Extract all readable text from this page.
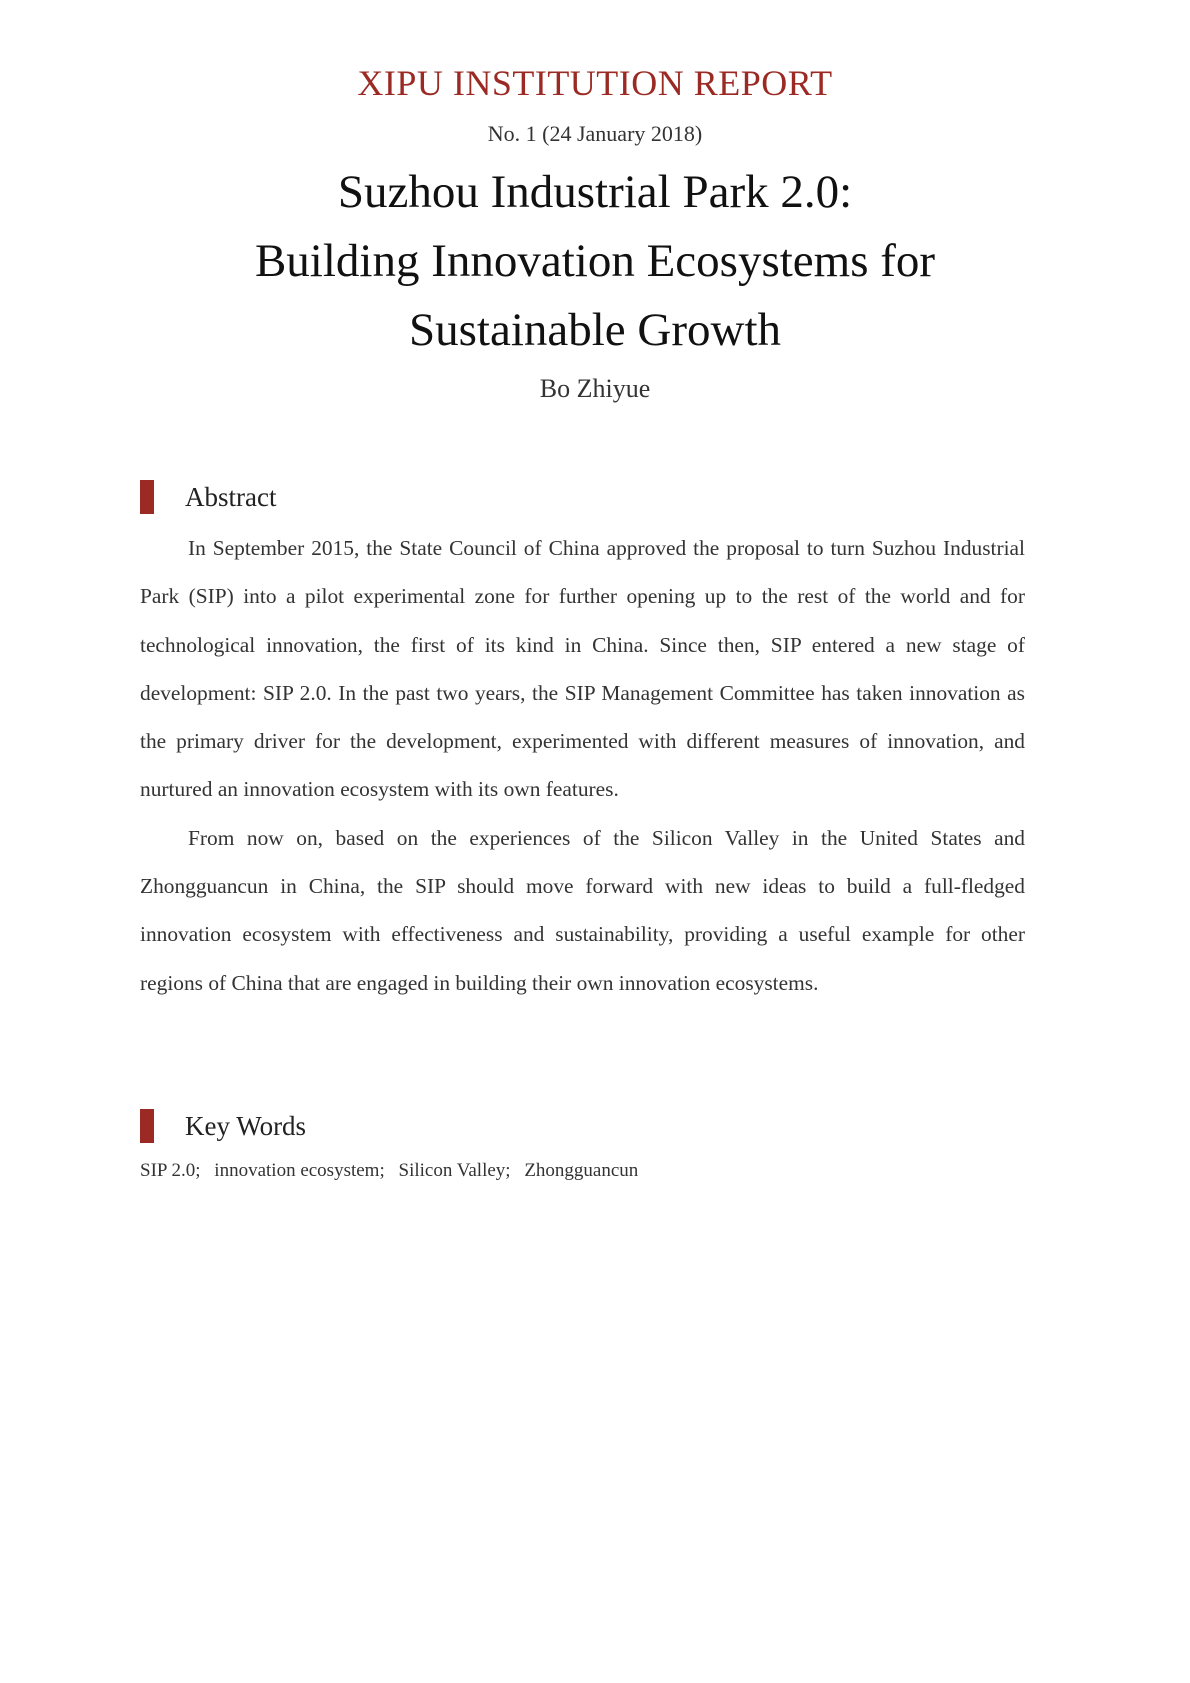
XIPU INSTITUTION REPORT
No. 1 (24 January 2018)
Suzhou Industrial Park 2.0:
Building Innovation Ecosystems for
Sustainable Growth
Bo Zhiyue
Abstract

In September 2015, the State Council of China approved the proposal to turn Suzhou Industrial Park (SIP) into a pilot experimental zone for further opening up to the rest of the world and for technological innovation, the first of its kind in China. Since then, SIP entered a new stage of development: SIP 2.0. In the past two years, the SIP Management Committee has taken innovation as the primary driver for the development, experimented with different measures of innovation, and nurtured an innovation ecosystem with its own features.

From now on, based on the experiences of the Silicon Valley in the United States and Zhongguancun in China, the SIP should move forward with new ideas to build a full-fledged innovation ecosystem with effectiveness and sustainability, providing a useful example for other regions of China that are engaged in building their own innovation ecosystems.

Key Words
SIP 2.0; innovation ecosystem; Silicon Valley; Zhongguancun
